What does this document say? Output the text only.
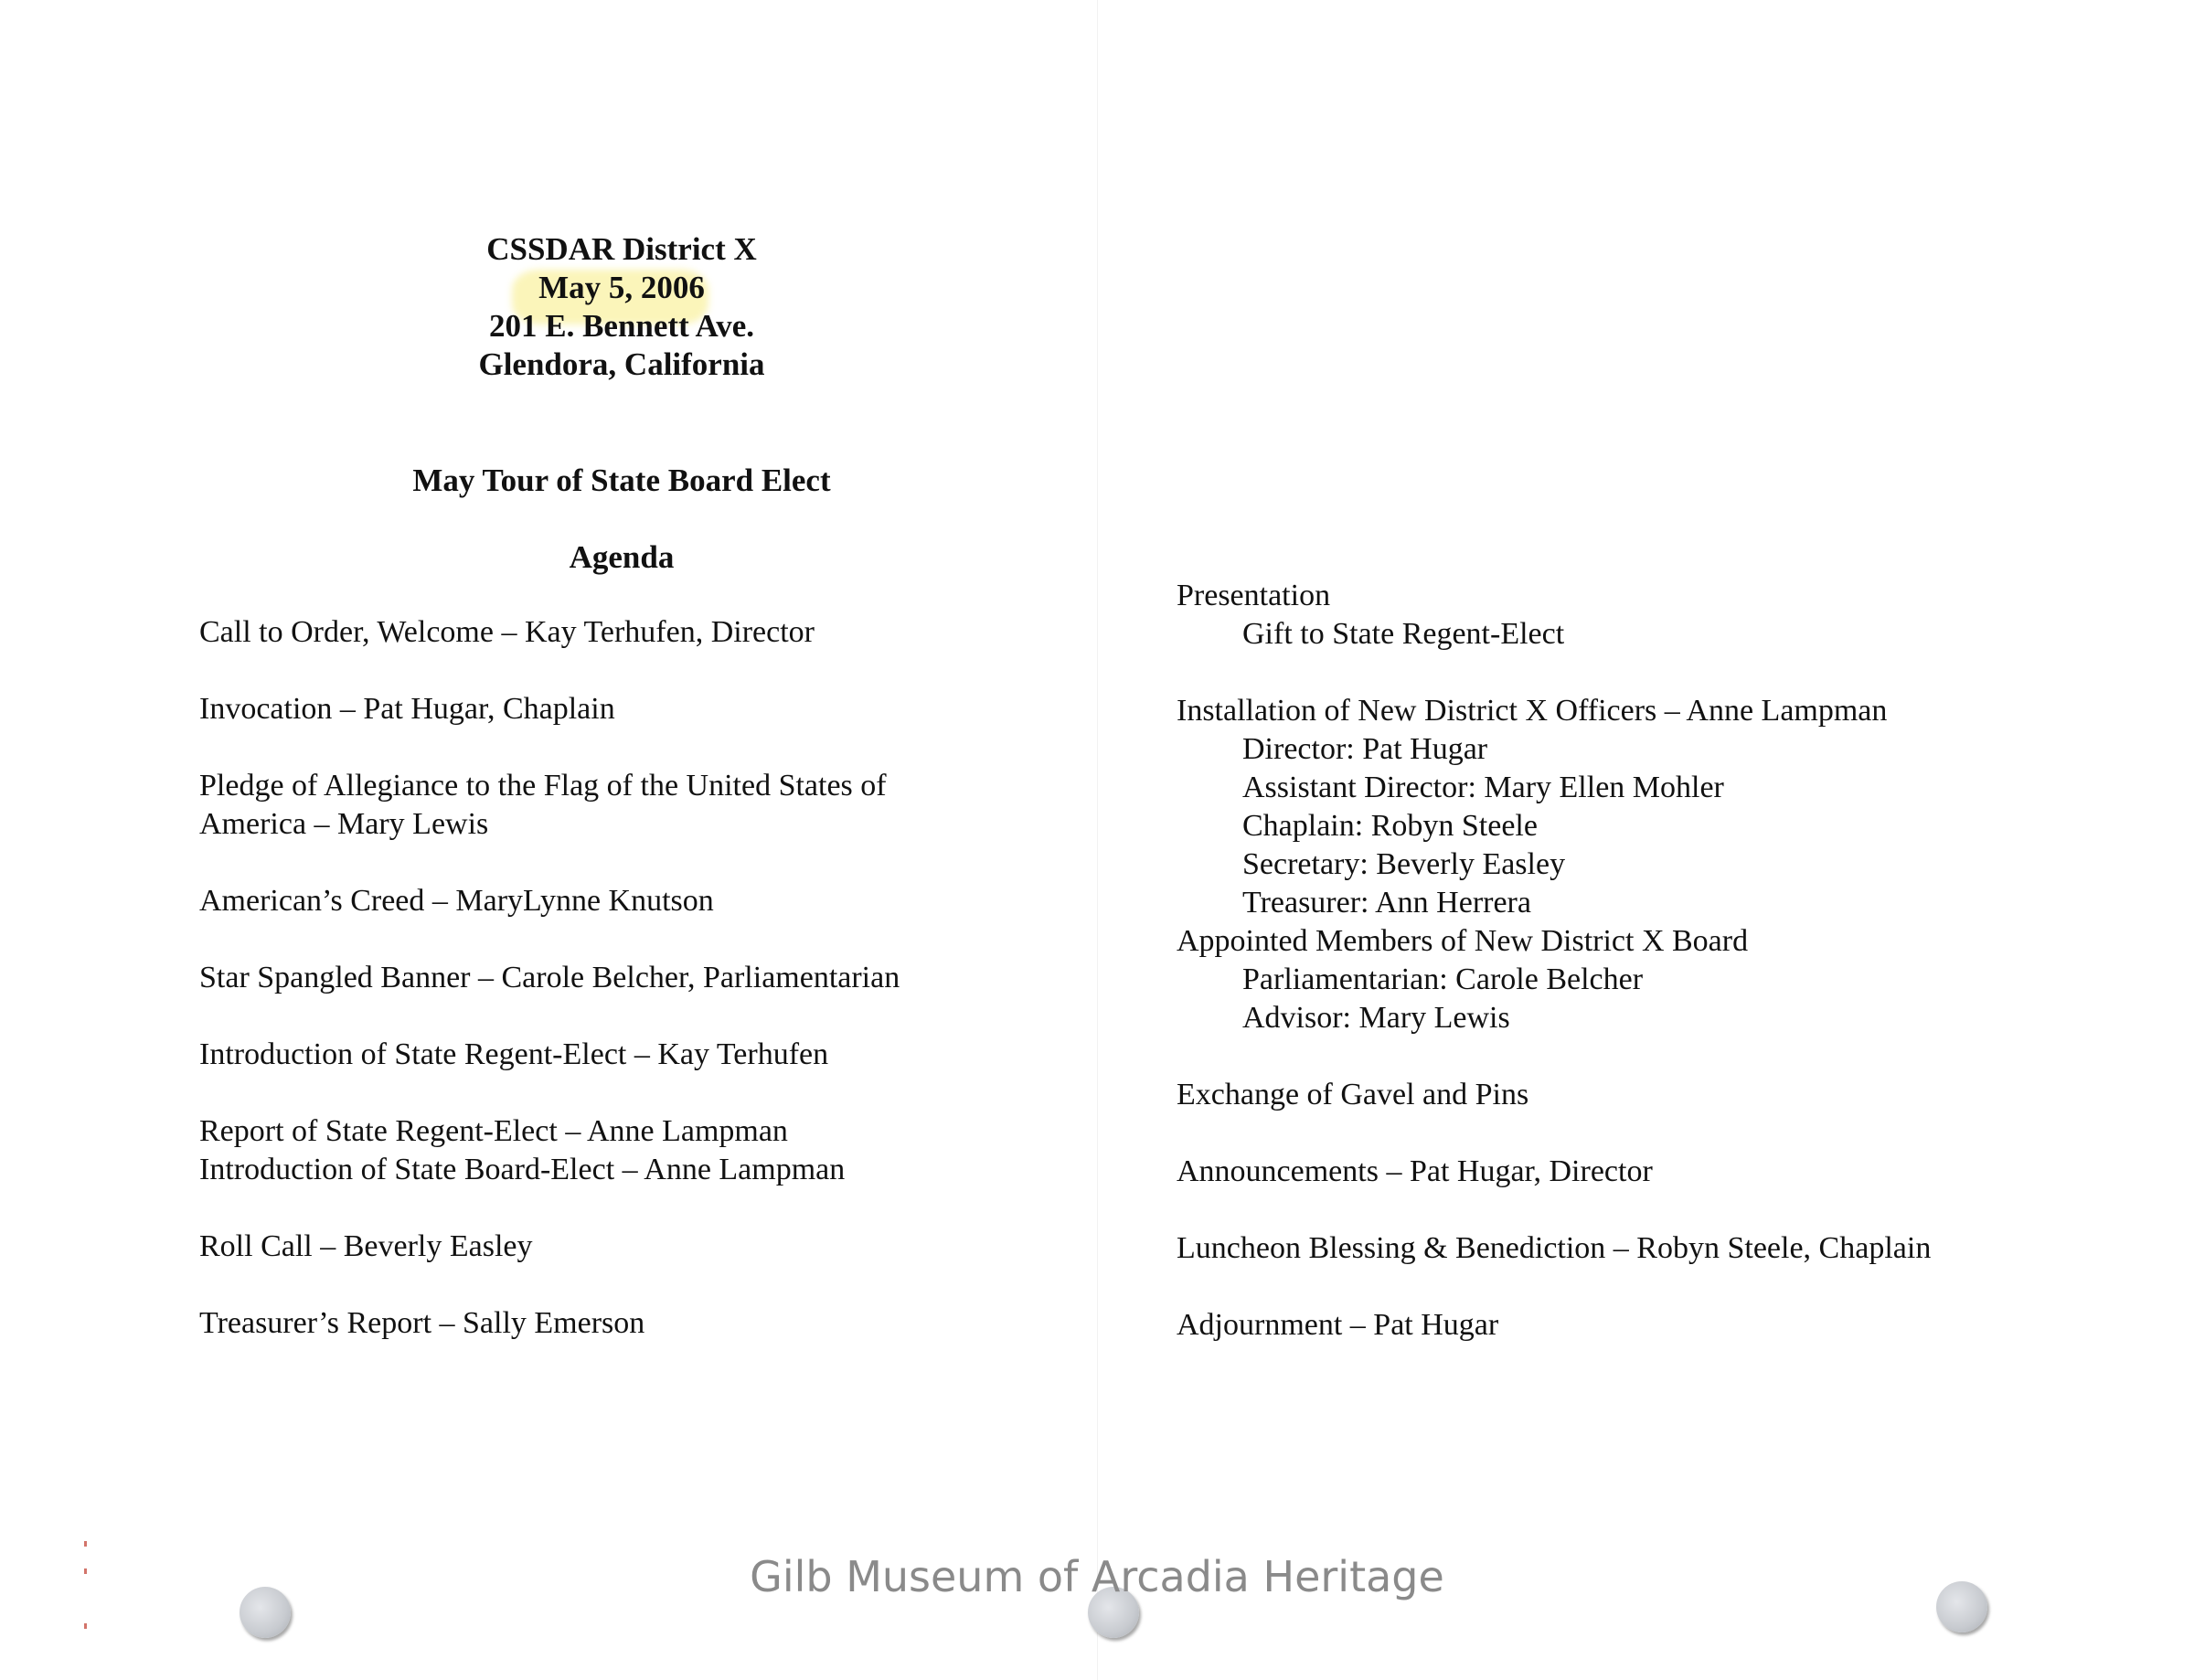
CSSDAR District X
May 5, 2006
201 E. Bennett Ave.
Glendora, California
May Tour of State Board Elect
Agenda
Call to Order, Welcome – Kay Terhufen, Director
Invocation – Pat Hugar, Chaplain
Pledge of Allegiance to the Flag of the United States of
America – Mary Lewis
American’s Creed – MaryLynne Knutson
Star Spangled Banner – Carole Belcher, Parliamentarian
Introduction of State Regent-Elect – Kay Terhufen
Report of State Regent-Elect – Anne Lampman
Introduction of State Board-Elect – Anne Lampman
Roll Call – Beverly Easley
Treasurer’s Report – Sally Emerson
Presentation
Gift to State Regent-Elect
Installation of New District X Officers – Anne Lampman
Director: Pat Hugar
Assistant Director: Mary Ellen Mohler
Chaplain: Robyn Steele
Secretary: Beverly Easley
Treasurer: Ann Herrera
Appointed Members of New District X Board
Parliamentarian: Carole Belcher
Advisor: Mary Lewis
Exchange of Gavel and Pins
Announcements – Pat Hugar, Director
Luncheon Blessing & Benediction – Robyn Steele, Chaplain
Adjournment – Pat Hugar
Gilb Museum of Arcadia Heritage
